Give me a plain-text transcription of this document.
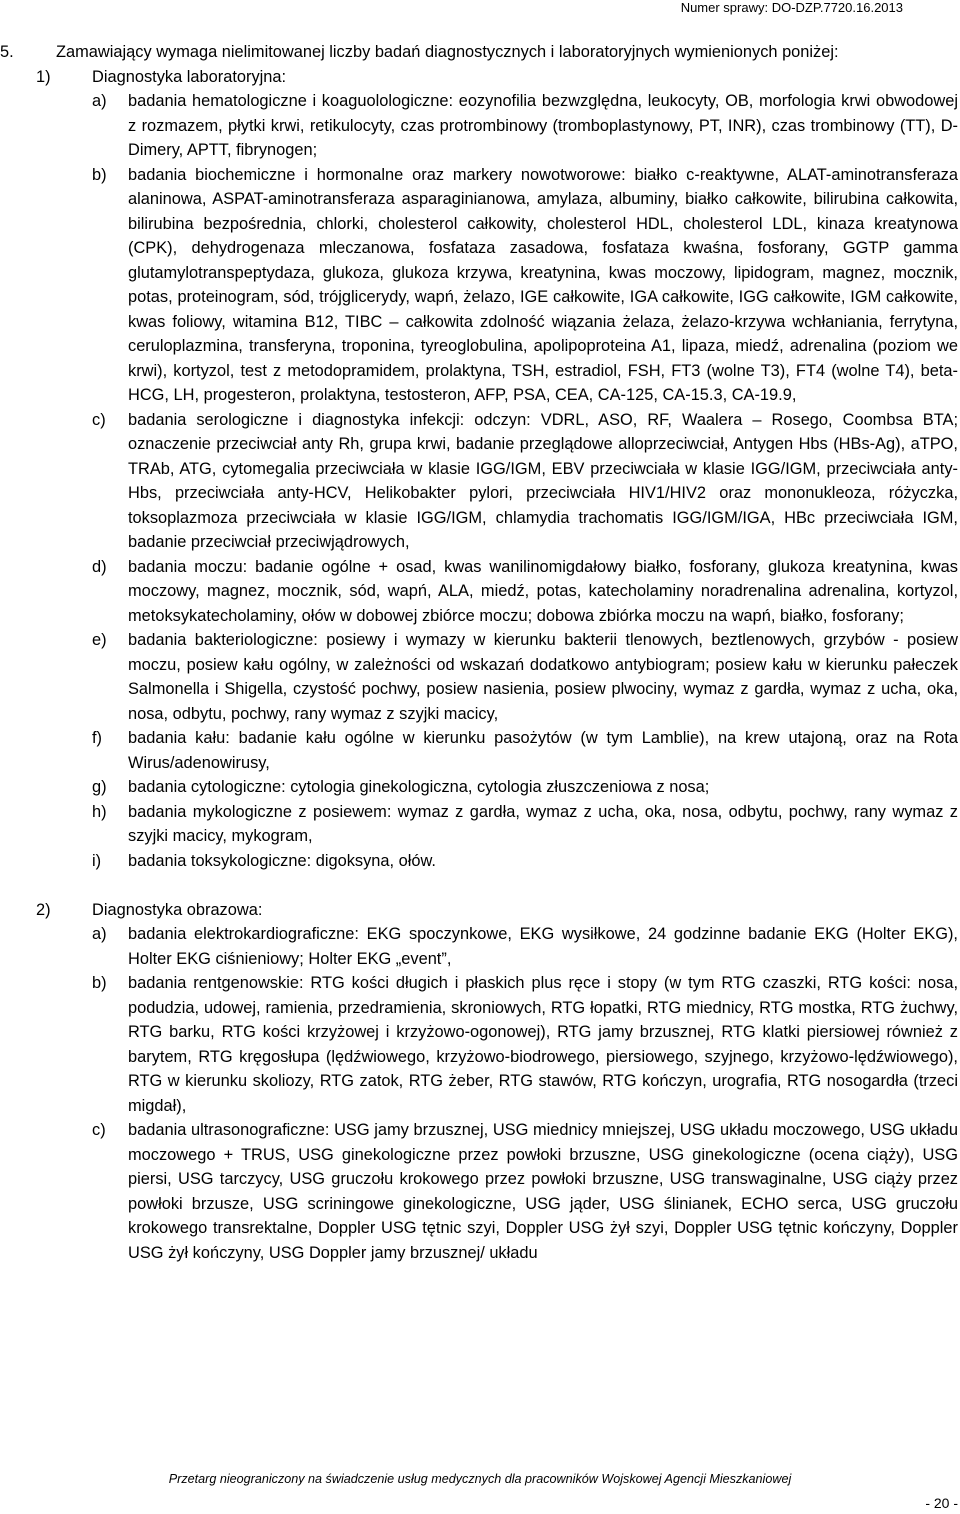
Numer sprawy: DO-DZP.7720.16.2013
5.	Zamawiający wymaga nielimitowanej liczby badań diagnostycznych i laboratoryjnych wymienionych poniżej:
1)	Diagnostyka laboratoryjna:
a) badania hematologiczne i koaguolologiczne: eozynofilia bezwzględna, leukocyty, OB, morfologia krwi obwodowej z rozmazem, płytki krwi, retikulocyty, czas protrombinowy (tromboplastynowy, PT, INR), czas trombinowy (TT), D-Dimery, APTT, fibrynogen;
b) badania biochemiczne i hormonalne oraz markery nowotworowe: białko c-reaktywne, ALAT-aminotransferaza alaninowa, ASPAT-aminotransferaza asparaginianowa, amylaza, albuminy, białko całkowite, bilirubina całkowita, bilirubina bezpośrednia, chlorki, cholesterol całkowity, cholesterol HDL, cholesterol LDL, kinaza kreatynowa (CPK), dehydrogenaza mleczanowa, fosfataza zasadowa, fosfataza kwaśna, fosforany, GGTP gamma glutamylotranspeptydaza, glukoza, glukoza krzywa, kreatynina, kwas moczowy, lipidogram, magnez, mocznik, potas, proteinogram, sód, trójglicerydy, wapń, żelazo, IGE całkowite, IGA całkowite, IGG całkowite, IGM całkowite, kwas foliowy, witamina B12, TIBC – całkowita zdolność wiązania żelaza, żelazo-krzywa wchłaniania, ferrytyna, ceruloplazmina, transferyna, troponina, tyreoglobulina, apolipoproteina A1, lipaza, miedź, adrenalina (poziom we krwi), kortyzol, test z metodopramidem, prolaktyna, TSH, estradiol, FSH, FT3 (wolne T3), FT4 (wolne T4), beta-HCG, LH, progesteron, prolaktyna, testosteron, AFP, PSA, CEA, CA-125, CA-15.3, CA-19.9,
c) badania serologiczne i diagnostyka infekcji: odczyn: VDRL, ASO, RF, Waalera – Rosego, Coombsa BTA; oznaczenie przeciwciał anty Rh, grupa krwi, badanie przeglądowe alloprzeciwciał, Antygen Hbs (HBs-Ag), aTPO, TRAb, ATG, cytomegalia przeciwciała w klasie IGG/IGM, EBV przeciwciała w klasie IGG/IGM, przeciwciała anty-Hbs, przeciwciała anty-HCV, Helikobakter pylori, przeciwciała HIV1/HIV2 oraz mononukleoza, różyczka, toksoplazmoza przeciwciała w klasie IGG/IGM, chlamydia trachomatis IGG/IGM/IGA, HBc przeciwciała IGM, badanie przeciwciał przeciwjądrowych,
d) badania moczu: badanie ogólne + osad, kwas wanilinomigdałowy białko, fosforany, glukoza kreatynina, kwas moczowy, magnez, mocznik, sód, wapń, ALA, miedź, potas, katecholaminy noradrenalina adrenalina, kortyzol, metoksykatecholaminy, ołów w dobowej zbiórce moczu; dobowa zbiórka moczu na wapń, białko, fosforany;
e) badania bakteriologiczne: posiewy i wymazy w kierunku bakterii tlenowych, beztlenowych, grzybów - posiew moczu, posiew kału ogólny, w zależności od wskazań dodatkowo antybiogram; posiew kału w kierunku pałeczek Salmonella i Shigella, czystość pochwy, posiew nasienia, posiew plwociny, wymaz z gardła, wymaz z ucha, oka, nosa, odbytu, pochwy, rany wymaz z szyjki macicy,
f) badania kału: badanie kału ogólne w kierunku pasożytów (w tym Lamblie), na krew utajoną, oraz na Rota Wirus/adenowirusy,
g) badania cytologiczne: cytologia ginekologiczna, cytologia złuszczeniowa z nosa;
h) badania mykologiczne z posiewem: wymaz z gardła, wymaz z ucha, oka, nosa, odbytu, pochwy, rany wymaz z szyjki macicy, mykogram,
i) badania toksykologiczne: digoksyna, ołów.
2)	Diagnostyka obrazowa:
a) badania elektrokardiograficzne: EKG spoczynkowe, EKG wysiłkowe, 24 godzinne badanie EKG (Holter EKG), Holter EKG ciśnieniowy; Holter EKG „event”,
b) badania rentgenowskie: RTG kości długich i płaskich plus ręce i stopy (w tym RTG czaszki, RTG kości: nosa, podudzia, udowej, ramienia, przedramienia, skroniowych, RTG łopatki, RTG miednicy, RTG mostka, RTG żuchwy, RTG barku, RTG kości krzyżowej i krzyżowo-ogonowej), RTG jamy brzusznej, RTG klatki piersiowej również z barytem, RTG kręgosłupa (lędźwiowego, krzyżowo-biodrowego, piersiowego, szyjnego, krzyżowo-lędźwiowego), RTG w kierunku skoliozy, RTG zatok, RTG żeber, RTG stawów, RTG kończyn, urografia, RTG nosogardła (trzeci migdał),
c) badania ultrasonograficzne: USG jamy brzusznej, USG miednicy mniejszej, USG układu moczowego, USG układu moczowego + TRUS, USG ginekologiczne przez powłoki brzuszne, USG ginekologiczne (ocena ciąży), USG piersi, USG tarczycy, USG gruczołu krokowego przez powłoki brzuszne, USG transwaginalne, USG ciąży przez powłoki brzusze, USG scriningowe ginekologiczne, USG jąder, USG ślinianek, ECHO serca, USG gruczołu krokowego transrektalne, Doppler USG tętnic szyi, Doppler USG żył szyi, Doppler USG tętnic kończyny, Doppler USG żył kończyny, USG Doppler jamy brzusznej/ układu
Przetarg nieograniczony na świadczenie usług medycznych dla pracowników Wojskowej Agencji Mieszkaniowej
- 20 -
